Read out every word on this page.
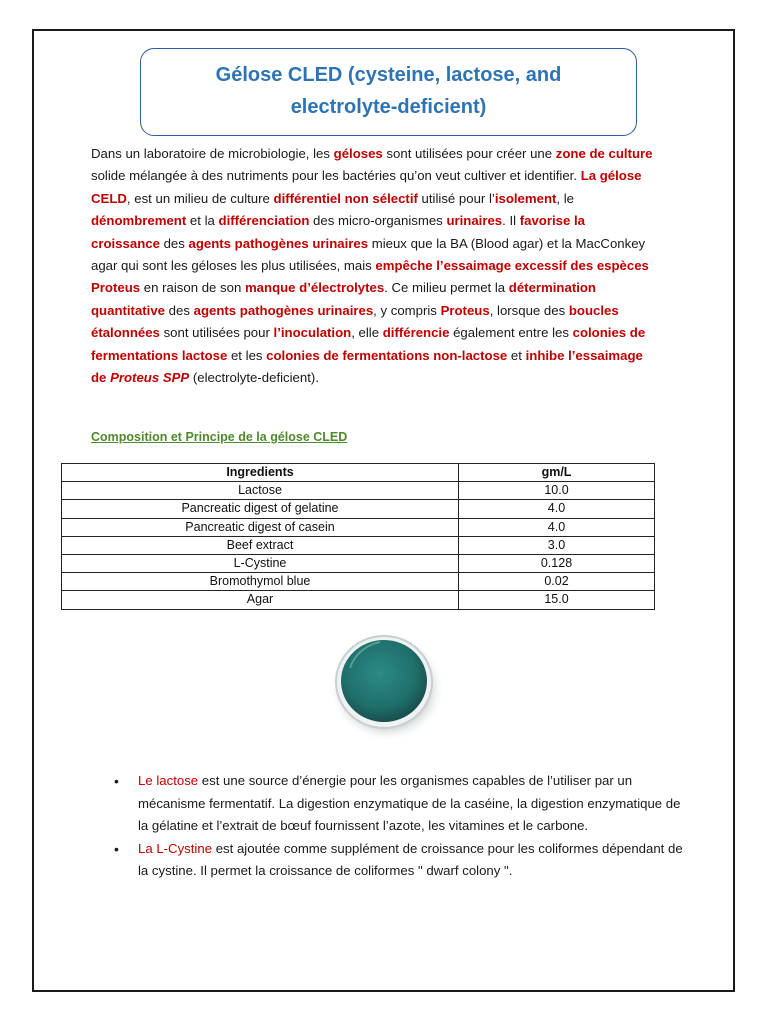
Gélose CLED (cysteine, lactose, and
electrolyte-deficient)
Dans un laboratoire de microbiologie, les géloses sont utilisées pour créer une zone de culture solide mélangée à des nutriments pour les bactéries qu’on veut cultiver et identifier. La gélose CELD, est un milieu de culture différentiel non sélectif utilisé pour l’isolement, le dénombrement et la différenciation des micro-organismes urinaires. Il favorise la croissance des agents pathogènes urinaires mieux que la BA (Blood agar) et la MacConkey agar qui sont les géloses les plus utilisées, mais empêche l’essaimage excessif des espèces Proteus en raison de son manque d’électrolytes. Ce milieu permet la détermination quantitative des agents pathogènes urinaires, y compris Proteus, lorsque des boucles étalonnées sont utilisées pour l’inoculation, elle différencie également entre les colonies de fermentations lactose et les colonies de fermentations non-lactose et inhibe l’essaimage de Proteus SPP (electrolyte-deficient).
Composition et Principe de la gélose CLED
Ingredients	gm/L
Lactose	10.0
Pancreatic digest of gelatine	4.0
Pancreatic digest of casein	4.0
Beef extract	3.0
L-Cystine	0.128
Bromothymol blue	0.02
Agar	15.0
• Le lactose est une source d’énergie pour les organismes capables de l’utiliser par un mécanisme fermentatif. La digestion enzymatique de la caséine, la digestion enzymatique de la gélatine et l’extrait de bœuf fournissent l’azote, les vitamines et le carbone.
• La L-Cystine est ajoutée comme supplément de croissance pour les coliformes dépendant de la cystine. Il permet la croissance de coliformes " dwarf colony ".
